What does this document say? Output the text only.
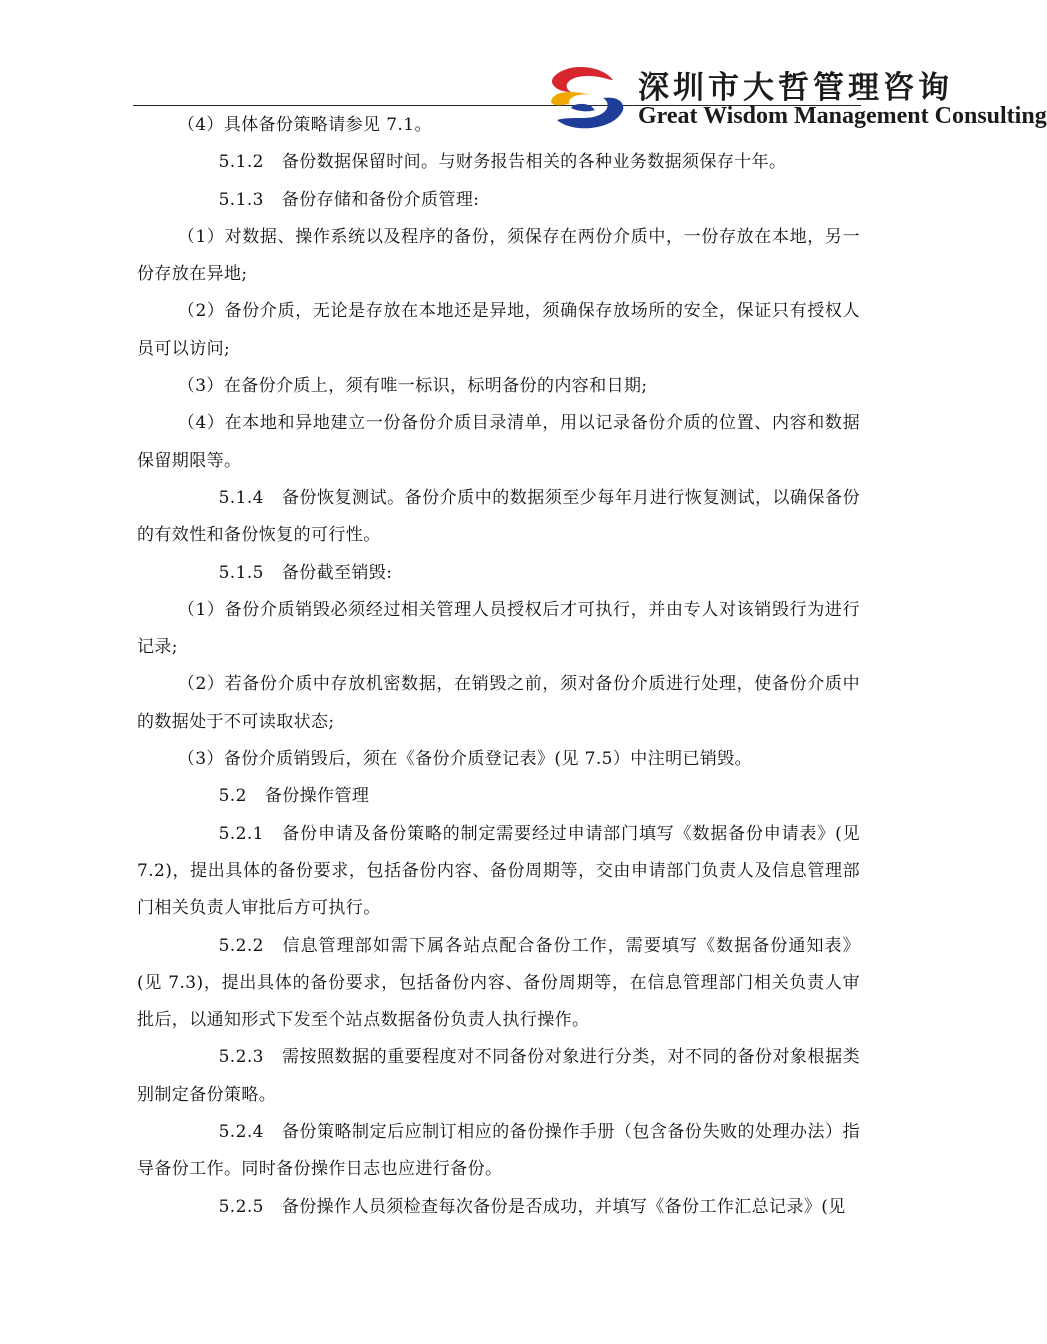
深圳市大哲管理咨询
Great Wisdom Management Consulting

（4）具体备份策略请参见 7.1。

5.1.2 备份数据保留时间。与财务报告相关的各种业务数据须保存十年。

5.1.3 备份存储和备份介质管理:

（1）对数据、操作系统以及程序的备份，须保存在两份介质中，一份存放在本地，另一份存放在异地;

（2）备份介质，无论是存放在本地还是异地，须确保存放场所的安全，保证只有授权人员可以访问;

（3）在备份介质上，须有唯一标识，标明备份的内容和日期;

（4）在本地和异地建立一份备份介质目录清单，用以记录备份介质的位置、内容和数据保留期限等。

5.1.4 备份恢复测试。备份介质中的数据须至少每年月进行恢复测试，以确保备份的有效性和备份恢复的可行性。

5.1.5 备份截至销毁:

（1）备份介质销毁必须经过相关管理人员授权后才可执行，并由专人对该销毁行为进行记录;

（2）若备份介质中存放机密数据，在销毁之前，须对备份介质进行处理，使备份介质中的数据处于不可读取状态;

（3）备份介质销毁后，须在《备份介质登记表》(见 7.5）中注明已销毁。

5.2 备份操作管理

5.2.1 备份申请及备份策略的制定需要经过申请部门填写《数据备份申请表》(见 7.2)，提出具体的备份要求，包括备份内容、备份周期等，交由申请部门负责人及信息管理部门相关负责人审批后方可执行。

5.2.2 信息管理部如需下属各站点配合备份工作，需要填写《数据备份通知表》(见 7.3)，提出具体的备份要求，包括备份内容、备份周期等，在信息管理部门相关负责人审批后，以通知形式下发至个站点数据备份负责人执行操作。

5.2.3 需按照数据的重要程度对不同备份对象进行分类，对不同的备份对象根据类别制定备份策略。

5.2.4 备份策略制定后应制订相应的备份操作手册（包含备份失败的处理办法）指导备份工作。同时备份操作日志也应进行备份。

5.2.5 备份操作人员须检查每次备份是否成功，并填写《备份工作汇总记录》(见
